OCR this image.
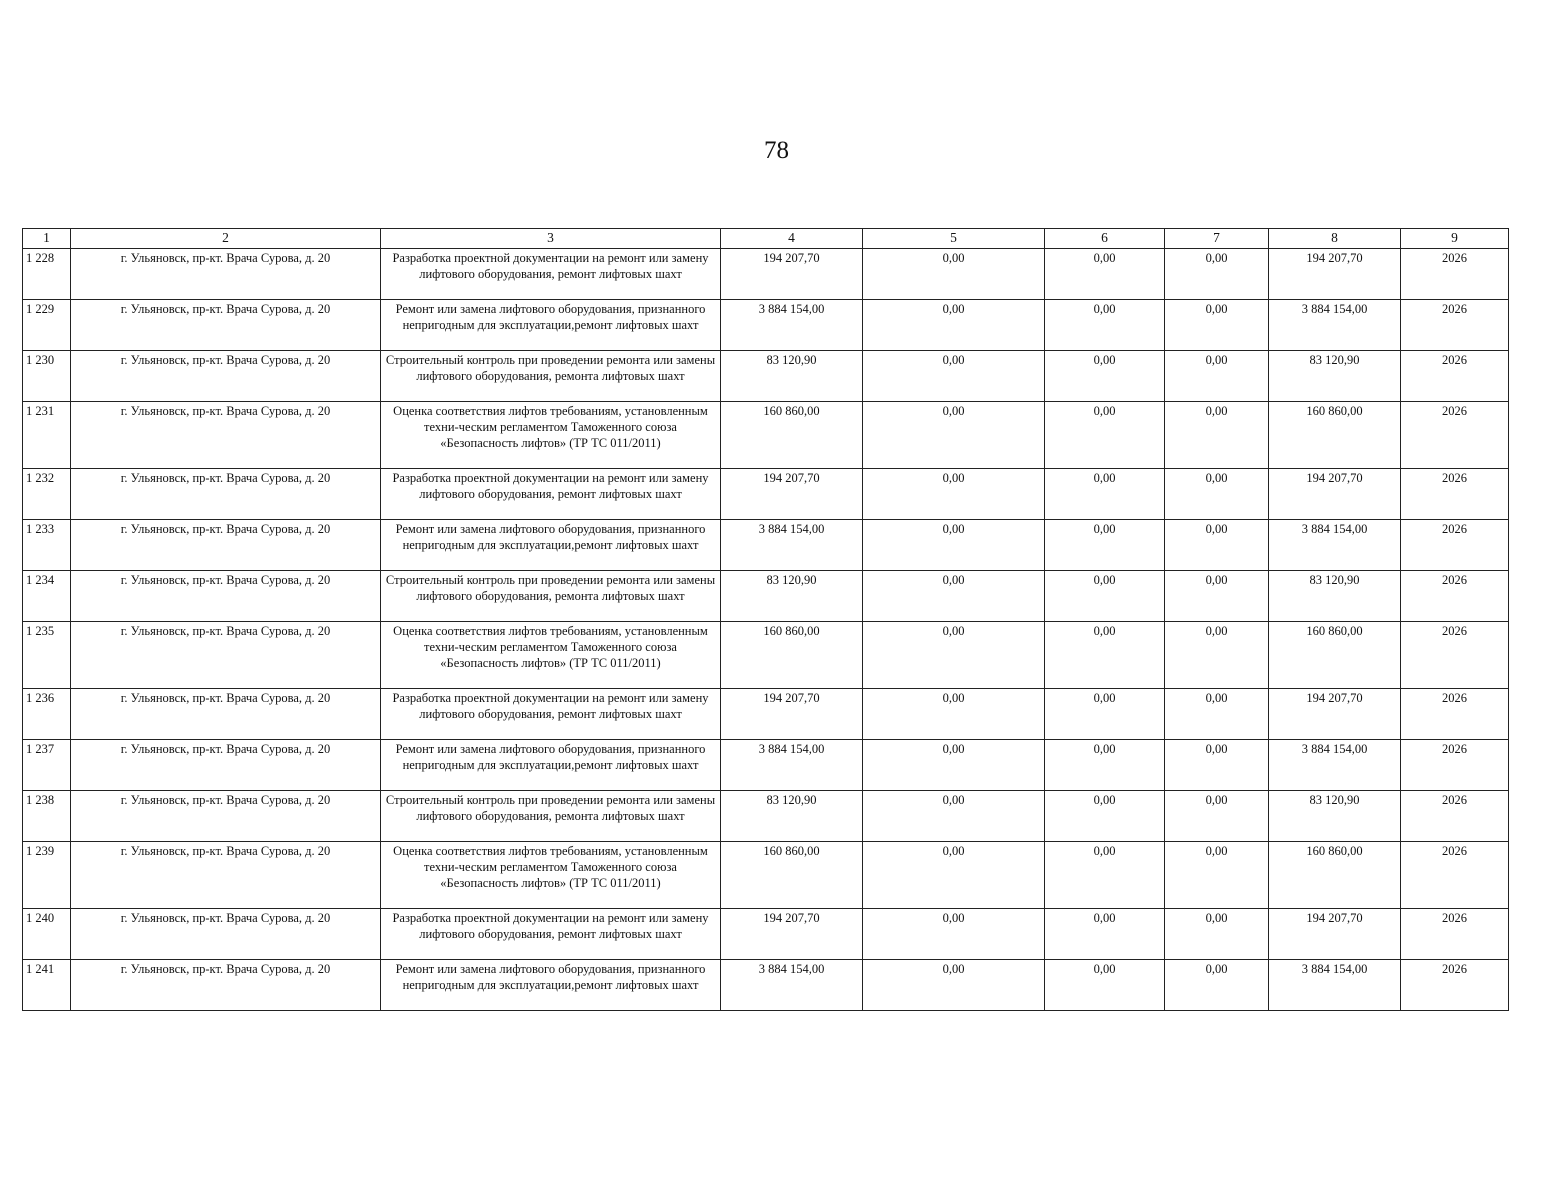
78
1	2	3	4	5	6	7	8	9
1 228	г. Ульяновск, пр-кт. Врача Сурова, д. 20	Разработка проектной документации на ремонт или замену лифтового оборудования, ремонт лифтовых шахт	194 207,70	0,00	0,00	0,00	194 207,70	2026
1 229	г. Ульяновск, пр-кт. Врача Сурова, д. 20	Ремонт или замена лифтового оборудования, признанного непригодным для эксплуатации,ремонт лифтовых шахт	3 884 154,00	0,00	0,00	0,00	3 884 154,00	2026
1 230	г. Ульяновск, пр-кт. Врача Сурова, д. 20	Строительный контроль при проведении ремонта или замены лифтового оборудования, ремонта лифтовых шахт	83 120,90	0,00	0,00	0,00	83 120,90	2026
1 231	г. Ульяновск, пр-кт. Врача Сурова, д. 20	Оценка соответствия лифтов требованиям, установленным техни-ческим регламентом Таможенного союза «Безопасность лифтов» (ТР ТС 011/2011)	160 860,00	0,00	0,00	0,00	160 860,00	2026
1 232	г. Ульяновск, пр-кт. Врача Сурова, д. 20	Разработка проектной документации на ремонт или замену лифтового оборудования, ремонт лифтовых шахт	194 207,70	0,00	0,00	0,00	194 207,70	2026
1 233	г. Ульяновск, пр-кт. Врача Сурова, д. 20	Ремонт или замена лифтового оборудования, признанного непригодным для эксплуатации,ремонт лифтовых шахт	3 884 154,00	0,00	0,00	0,00	3 884 154,00	2026
1 234	г. Ульяновск, пр-кт. Врача Сурова, д. 20	Строительный контроль при проведении ремонта или замены лифтового оборудования, ремонта лифтовых шахт	83 120,90	0,00	0,00	0,00	83 120,90	2026
1 235	г. Ульяновск, пр-кт. Врача Сурова, д. 20	Оценка соответствия лифтов требованиям, установленным техни-ческим регламентом Таможенного союза «Безопасность лифтов» (ТР ТС 011/2011)	160 860,00	0,00	0,00	0,00	160 860,00	2026
1 236	г. Ульяновск, пр-кт. Врача Сурова, д. 20	Разработка проектной документации на ремонт или замену лифтового оборудования, ремонт лифтовых шахт	194 207,70	0,00	0,00	0,00	194 207,70	2026
1 237	г. Ульяновск, пр-кт. Врача Сурова, д. 20	Ремонт или замена лифтового оборудования, признанного непригодным для эксплуатации,ремонт лифтовых шахт	3 884 154,00	0,00	0,00	0,00	3 884 154,00	2026
1 238	г. Ульяновск, пр-кт. Врача Сурова, д. 20	Строительный контроль при проведении ремонта или замены лифтового оборудования, ремонта лифтовых шахт	83 120,90	0,00	0,00	0,00	83 120,90	2026
1 239	г. Ульяновск, пр-кт. Врача Сурова, д. 20	Оценка соответствия лифтов требованиям, установленным техни-ческим регламентом Таможенного союза «Безопасность лифтов» (ТР ТС 011/2011)	160 860,00	0,00	0,00	0,00	160 860,00	2026
1 240	г. Ульяновск, пр-кт. Врача Сурова, д. 20	Разработка проектной документации на ремонт или замену лифтового оборудования, ремонт лифтовых шахт	194 207,70	0,00	0,00	0,00	194 207,70	2026
1 241	г. Ульяновск, пр-кт. Врача Сурова, д. 20	Ремонт или замена лифтового оборудования, признанного непригодным для эксплуатации,ремонт лифтовых шахт	3 884 154,00	0,00	0,00	0,00	3 884 154,00	2026
